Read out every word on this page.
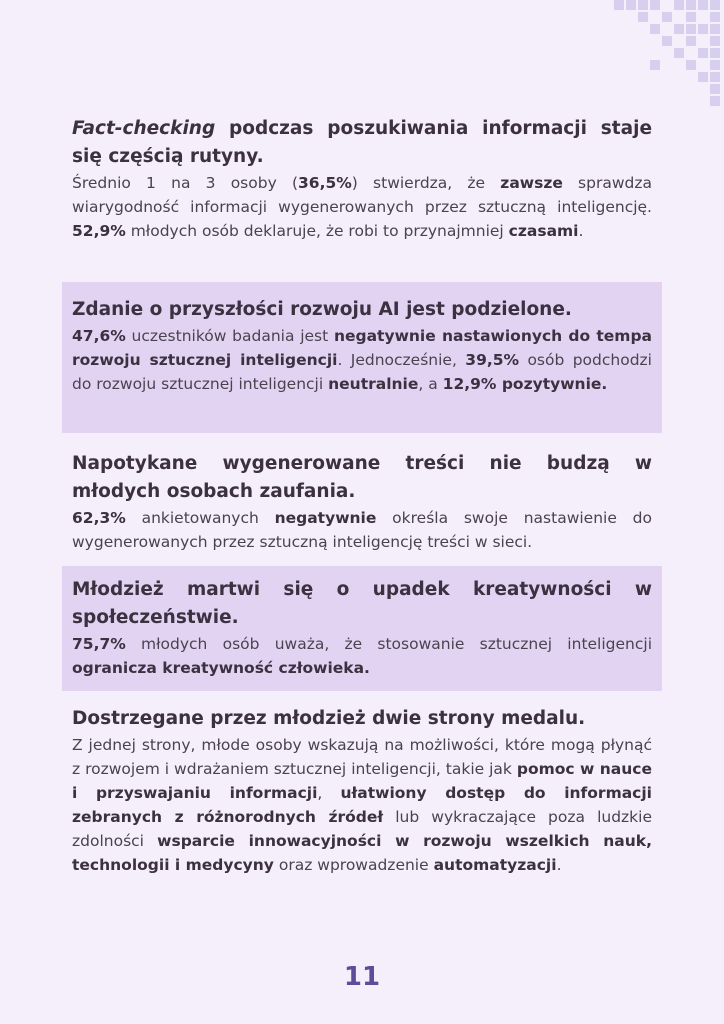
Fact-checking podczas poszukiwania informacji staje się częścią rutyny.

Średnio 1 na 3 osoby (36,5%) stwierdza, że zawsze sprawdza wiarygodność informacji wygenerowanych przez sztuczną inteligencję. 52,9% młodych osób deklaruje, że robi to przynajmniej czasami.

Zdanie o przyszłości rozwoju AI jest podzielone.

47,6% uczestników badania jest negatywnie nastawionych do tempa rozwoju sztucznej inteligencji. Jednocześnie, 39,5% osób podchodzi do rozwoju sztucznej inteligencji neutralnie, a 12,9% pozytywnie.

Napotykane wygenerowane treści nie budzą w młodych osobach zaufania.

62,3% ankietowanych negatywnie określa swoje nastawienie do wygenerowanych przez sztuczną inteligencję treści w sieci.

Młodzież martwi się o upadek kreatywności w społeczeństwie.

75,7% młodych osób uważa, że stosowanie sztucznej inteligencji ogranicza kreatywność człowieka.

Dostrzegane przez młodzież dwie strony medalu.

Z jednej strony, młode osoby wskazują na możliwości, które mogą płynąć z rozwojem i wdrażaniem sztucznej inteligencji, takie jak pomoc w nauce i przyswajaniu informacji, ułatwiony dostęp do informacji zebranych z różnorodnych źródeł lub wykraczające poza ludzkie zdolności wsparcie innowacyjności w rozwoju wszelkich nauk, technologii i medycyny oraz wprowadzenie automatyzacji.

11
